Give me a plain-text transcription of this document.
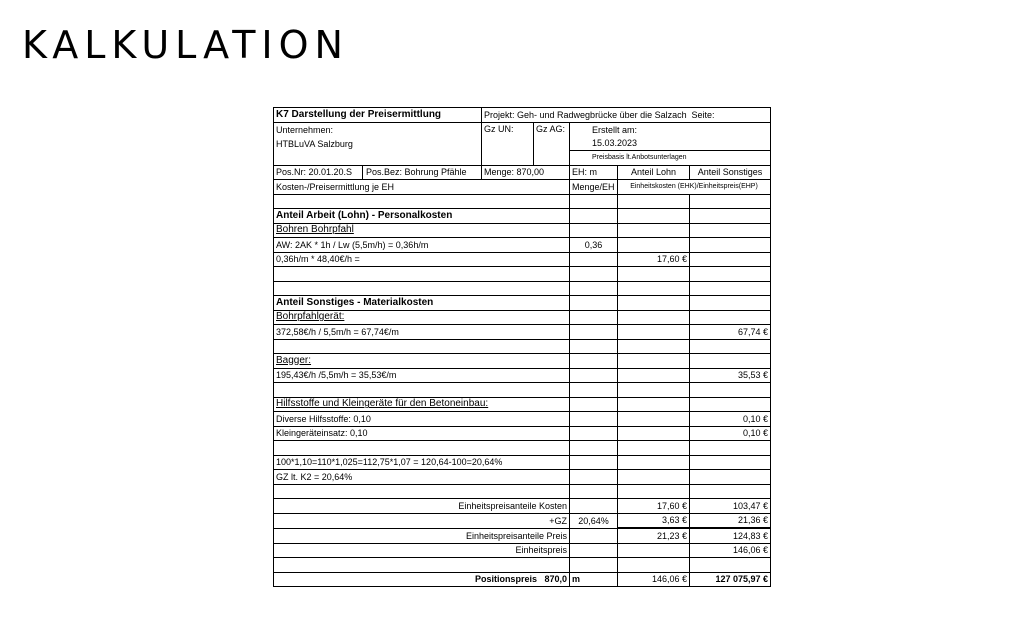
KALKULATION
K7 Darstellung der Preisermittlung	Projekt: Geh- und Radwegbrücke über die Salzach				Seite:
Unternehmen:	Gz UN:	Gz AG:	Erstellt am:		
HTBLuVA Salzburg			15.03.2023		
			Preisbasis lt.Anbotsunterlagen		

Pos.Nr: 20.01.20.S Pos.Bez: Bohrung Pfähle	Menge: 870,00		EH: m	Anteil Lohn	Anteil Sonstiges
Kosten-/Preisermittlung je EH			Menge/EH	Einheitskosten (EHK)/Einheitspreis(EHP)	

Anteil Arbeit (Lohn) - Personalkosten					
Bohren Bohrpfahl					
AW: 2AK * 1h / Lw (5,5m/h) = 0,36h/m			0,36		
0,36h/m * 48,40€/h =				17,60 €	

Anteil Sonstiges - Materialkosten					
Bohrpfahlgerät:					
372,58€/h / 5,5m/h = 67,74€/m					67,74 €

Bagger:					
195,43€/h /5,5m/h = 35,53€/m					35,53 €

Hilfsstoffe und Kleingeräte für den Betoneinbau:					
Diverse Hilfsstoffe: 0,10					0,10 €
Kleingeräteinsatz: 0,10					0,10 €

100*1,10=110*1,025=112,75*1,07 = 120,64-100=20,64%					
GZ lt. K2 = 20,64%					

Einheitspreisanteile Kosten				17,60 €	103,47 €
+GZ			20,64%	3,63 €	21,36 €
Einheitspreisanteile Preis				21,23 €	124,83 €
Einheitspreis					146,06 €

Positionspreis 870,0			m	146,06 €	127 075,97 €
